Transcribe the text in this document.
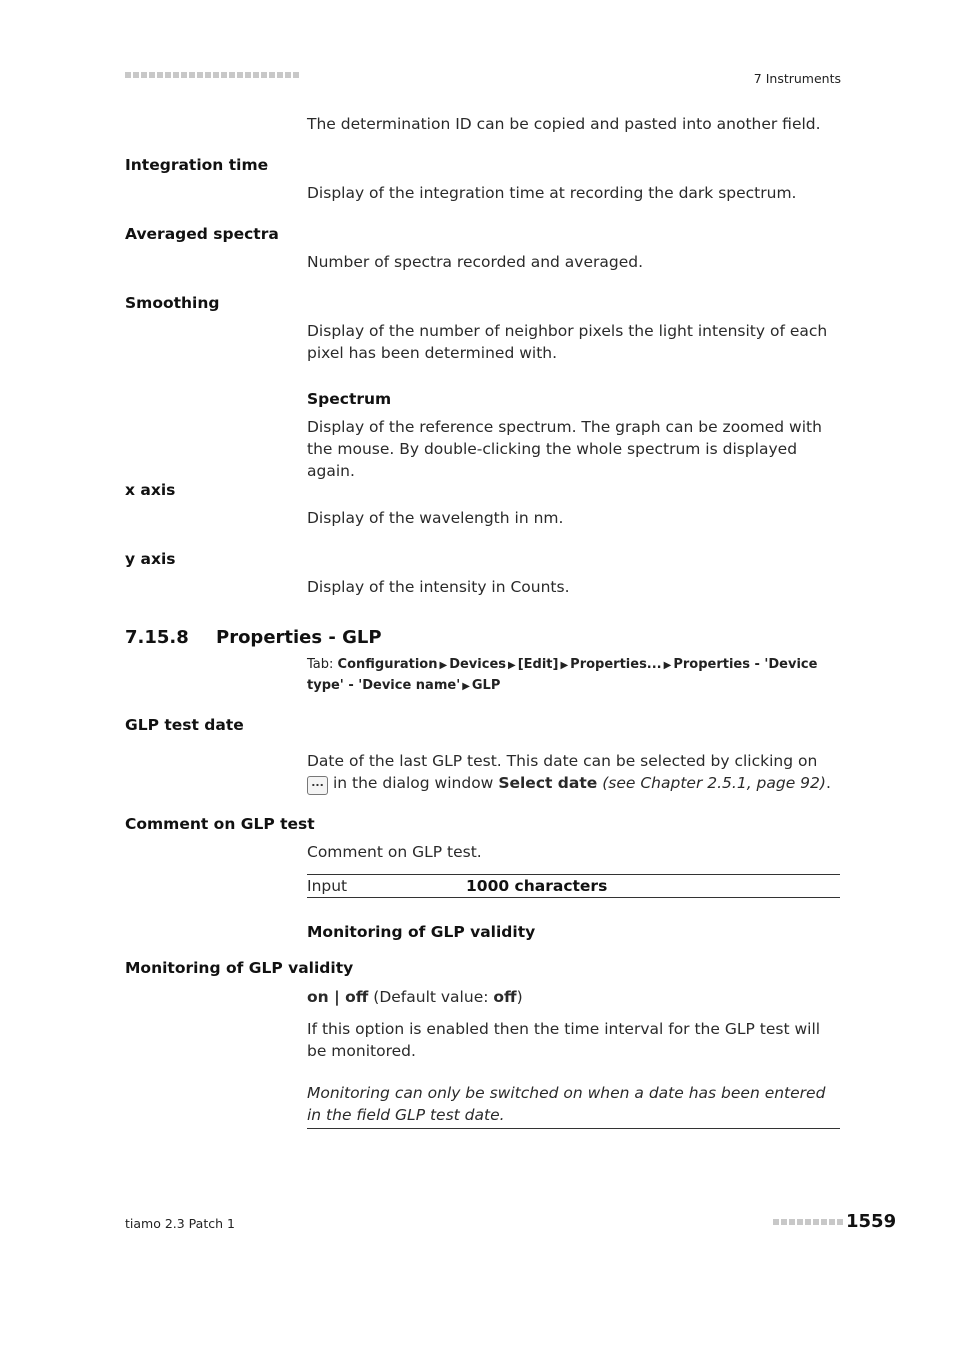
7 Instruments
The determination ID can be copied and pasted into another field.
Integration time
Display of the integration time at recording the dark spectrum.
Averaged spectra
Number of spectra recorded and averaged.
Smoothing
Display of the number of neighbor pixels the light intensity of each pixel has been determined with.
Spectrum
Display of the reference spectrum. The graph can be zoomed with the mouse. By double-clicking the whole spectrum is displayed again.
x axis
Display of the wavelength in nm.
y axis
Display of the intensity in Counts.
7.15.8 Properties - GLP
Tab: Configuration ▶ Devices ▶ [Edit] ▶ Properties... ▶ Properties - 'Device type' - 'Device name' ▶ GLP
GLP test date
Date of the last GLP test. This date can be selected by clicking on ... in the dialog window Select date (see Chapter 2.5.1, page 92).
Comment on GLP test
Comment on GLP test.
Input	1000 characters
Monitoring of GLP validity
Monitoring of GLP validity
on | off (Default value: off)
If this option is enabled then the time interval for the GLP test will be monitored.
Monitoring can only be switched on when a date has been entered in the field GLP test date.
tiamo 2.3 Patch 1	1559
